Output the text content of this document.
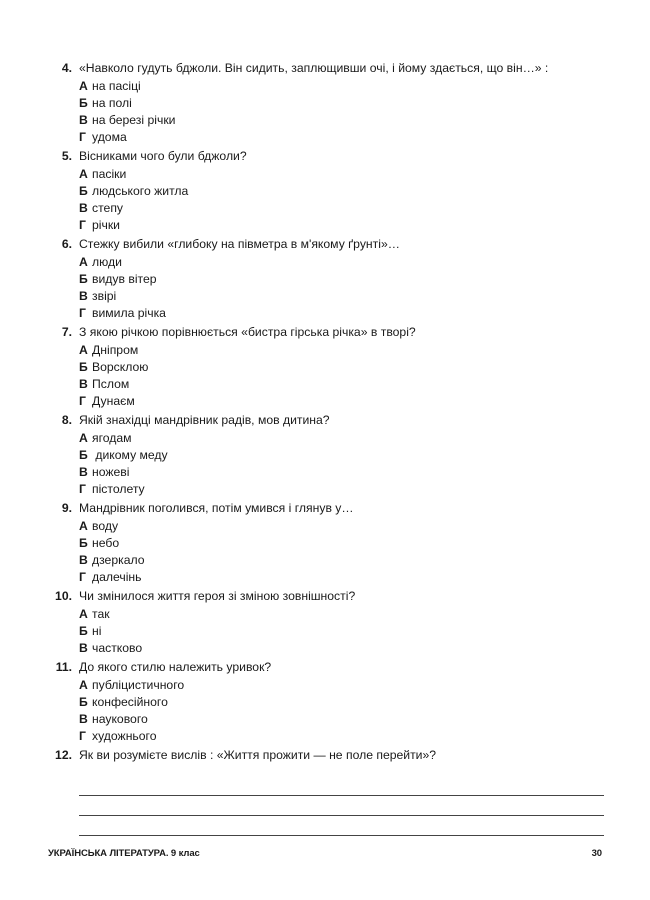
4. «Навколо гудуть бджоли. Він сидить, заплющивши очі, і йому здається, що він…» :
А на пасіці
Б на полі
В на березі річки
Г удома
5. Вісниками чого були бджоли?
А пасіки
Б людського житла
В степу
Г річки
6. Стежку вибили «глибоку на півметра в м'якому ґрунті»…
А люди
Б видув вітер
В звірі
Г вимила річка
7. З якою річкою порівнюється «бистра гірська річка» в творі?
А Дніпром
Б Ворсклою
В Пслом
Г Дунаєм
8. Якій знахідці мандрівник радів, мов дитина?
А ягодам
Б дикому меду
В ножеві
Г пістолету
9. Мандрівник поголився, потім умився і глянув у…
А воду
Б небо
В дзеркало
Г далечінь
10. Чи змінилося життя героя зі зміною зовнішності?
А так
Б ні
В частково
11. До якого стилю належить уривок?
А публіцистичного
Б конфесійного
В наукового
Г художнього
12. Як ви розумієте вислів : «Життя прожити — не поле перейти»?
УКРАЇНСЬКА ЛІТЕРАТУРА. 9 клас	30
